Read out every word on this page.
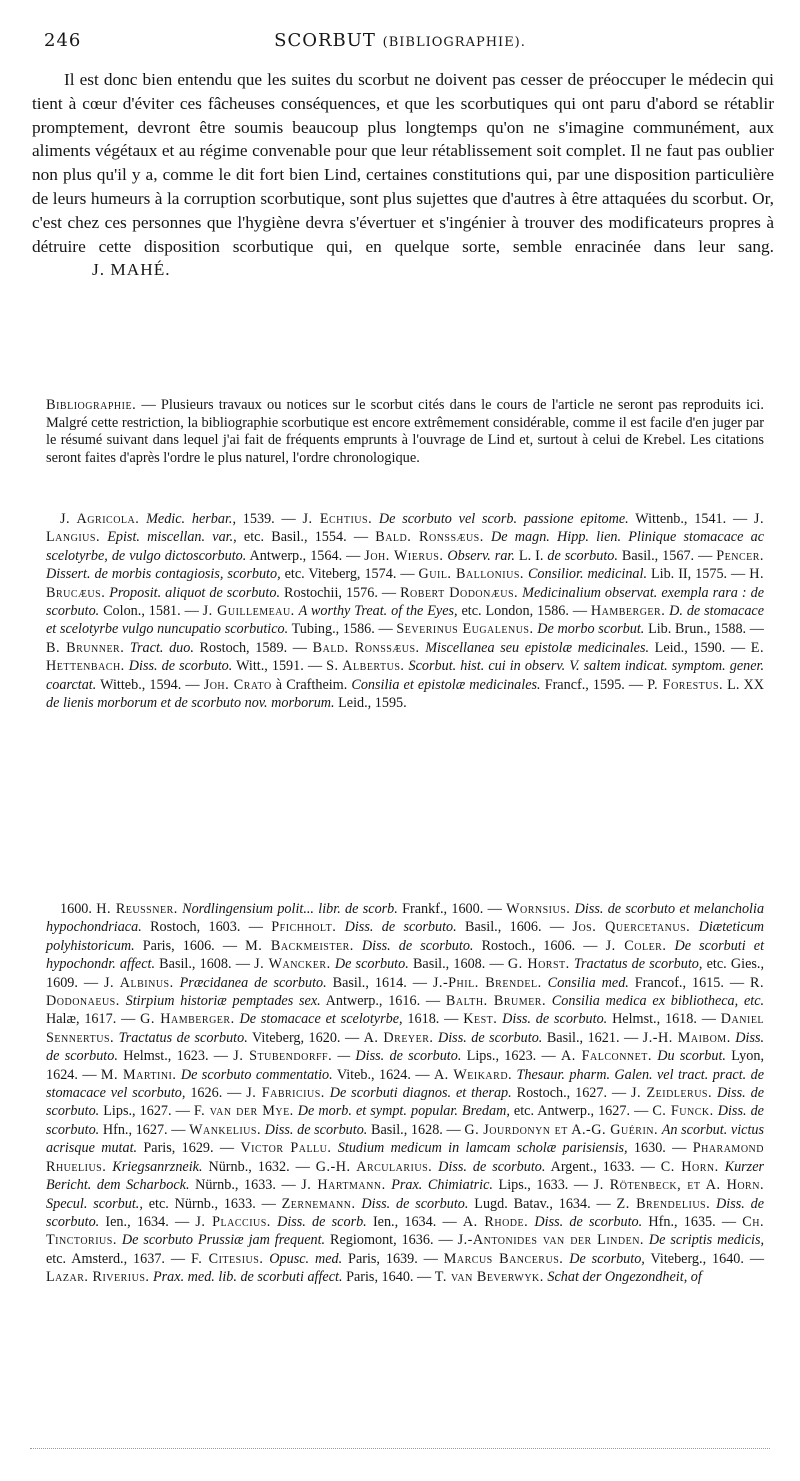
246	SCORBUT (BIBLIOGRAPHIE).

Il est donc bien entendu que les suites du scorbut ne doivent pas cesser de préoccuper le médecin qui tient à cœur d'éviter ces fâcheuses conséquences, et que les scorbutiques qui ont paru d'abord se rétablir promptement, devront être soumis beaucoup plus longtemps qu'on ne s'imagine communément, aux aliments végétaux et au régime convenable pour que leur rétablissement soit complet. Il ne faut pas oublier non plus qu'il y a, comme le dit fort bien Lind, certaines constitutions qui, par une disposition particulière de leurs humeurs à la corruption scorbutique, sont plus sujettes que d'autres à être attaquées du scorbut. Or, c'est chez ces personnes que l'hygiène devra s'évertuer et s'ingénier à trouver des modificateurs propres à détruire cette disposition scorbutique qui, en quelque sorte, semble enracinée dans leur sang.J. MAHÉ.

Bibliographie. — Plusieurs travaux ou notices sur le scorbut cités dans le cours de l'article ne seront pas reproduits ici. Malgré cette restriction, la bibliographie scorbutique est encore extrêmement considérable, comme il est facile d'en juger par le résumé suivant dans lequel j'ai fait de fréquents emprunts à l'ouvrage de Lind et, surtout à celui de Krebel. Les citations seront faites d'après l'ordre le plus naturel, l'ordre chronologique.

J. Agricola. Medic. herbar., 1539. — J. Echtius. De scorbuto vel scorb. passione epitome. Wittenb., 1541. — J. Langius. Epist. miscellan. var., etc. Basil., 1554. — Bald. Ronssæus. De magn. Hipp. lien. Plinique stomacace ac scelotyrbe, de vulgo dictoscorbuto. Antwerp., 1564. — Joh. Wierus. Observ. rar. L. I. de scorbuto. Basil., 1567. — Pencer. Dissert. de morbis contagiosis, scorbuto, etc. Viteberg, 1574. — Guil. Ballonius. Consilior. medicinal. Lib. II, 1575. — H. Brucæus. Proposit. aliquot de scorbuto. Rostochii, 1576. — Robert Dodonæus. Medicinalium observat. exempla rara : de scorbuto. Colon., 1581. — J. Guillemeau. A worthy Treat. of the Eyes, etc. London, 1586. — Hamberger. D. de stomacace et scelotyrbe vulgo nuncupatio scorbutico. Tubing., 1586. — Severinus Eugalenus. De morbo scorbut. Lib. Brun., 1588. — B. Brunner. Tract. duo. Rostoch, 1589. — Bald. Ronssæus. Miscellanea seu epistolæ medicinales. Leid., 1590. — E. Hettenbach. Diss. de scorbuto. Witt., 1591. — S. Albertus. Scorbut. hist. cui in observ. V. saltem indicat. symptom. gener. coarctat. Witteb., 1594. — Joh. Crato à Craftheim. Consilia et epistolæ medicinales. Francf., 1595. — P. Forestus. L. XX de lienis morborum et de scorbuto nov. morborum. Leid., 1595.

1600. H. Reussner. Nordlingensium polit... libr. de scorb. Frankf., 1600. — Wornsius. Diss. de scorbuto et melancholia hypochondriaca. Rostoch, 1603. — Pfichholt. Diss. de scorbuto. Basil., 1606. — Jos. Quercetanus. Diæteticum polyhistoricum. Paris, 1606. — M. Backmeister. Diss. de scorbuto. Rostoch., 1606. — J. Coler. De scorbuti et hypochondr. affect. Basil., 1608. — J. Wancker. De scorbuto. Basil., 1608. — G. Horst. Tractatus de scorbuto, etc. Gies., 1609. — J. Albinus. Præcidanea de scorbuto. Basil., 1614. — J.-Phil. Brendel. Consilia med. Francof., 1615. — R. Dodonaeus. Stirpium historiæ pemptades sex. Antwerp., 1616. — Balth. Brumer. Consilia medica ex bibliotheca, etc. Halæ, 1617. — G. Hamberger. De stomacace et scelotyrbe, 1618. — Kest. Diss. de scorbuto. Helmst., 1618. — Daniel Sennertus. Tractatus de scorbuto. Viteberg, 1620. — A. Dreyer. Diss. de scorbuto. Basil., 1621. — J.-H. Maibom. Diss. de scorbuto. Helmst., 1623. — J. Stubendorff. — Diss. de scorbuto. Lips., 1623. — A. Falconnet. Du scorbut. Lyon, 1624. — M. Martini. De scorbuto commentatio. Viteb., 1624. — A. Weikard. Thesaur. pharm. Galen. vel tract. pract. de stomacace vel scorbuto, 1626. — J. Fabricius. De scorbuti diagnos. et therap. Rostoch., 1627. — J. Zeidlerus. Diss. de scorbuto. Lips., 1627. — F. van der Mye. De morb. et sympt. popular. Bredam, etc. Antwerp., 1627. — C. Funck. Diss. de scorbuto. Hfn., 1627. — Wankelius. Diss. de scorbuto. Basil., 1628. — G. Jourdonyn et A.-G. Guérin. An scorbut. victus acrisque mutat. Paris, 1629. — Victor Pallu. Studium medicum in lamcam scholæ parisiensis, 1630. — Pharamond Rhuelius. Kriegsanrzneik. Nürnb., 1632. — G.-H. Arcularius. Diss. de scorbuto. Argent., 1633. — C. Horn. Kurzer Bericht. dem Scharbock. Nürnb., 1633. — J. Hartmann. Prax. Chimiatric. Lips., 1633. — J. Rötenbeck, et A. Horn. Specul. scorbut., etc. Nürnb., 1633. — Zernemann. Diss. de scorbuto. Lugd. Batav., 1634. — Z. Brendelius. Diss. de scorbuto. Ien., 1634. — J. Placcius. Diss. de scorb. Ien., 1634. — A. Rhode. Diss. de scorbuto. Hfn., 1635. — Ch. Tinctorius. De scorbuto Prussiæ jam frequent. Regiomont, 1636. — J.-Antonides van der Linden. De scriptis medicis, etc. Amsterd., 1637. — F. Citesius. Opusc. med. Paris, 1639. — Marcus Bancerus. De scorbuto, Viteberg., 1640. — Lazar. Riverius. Prax. med. lib. de scorbuti affect. Paris, 1640. — T. van Beverwyk. Schat der Ongezondheit, of
